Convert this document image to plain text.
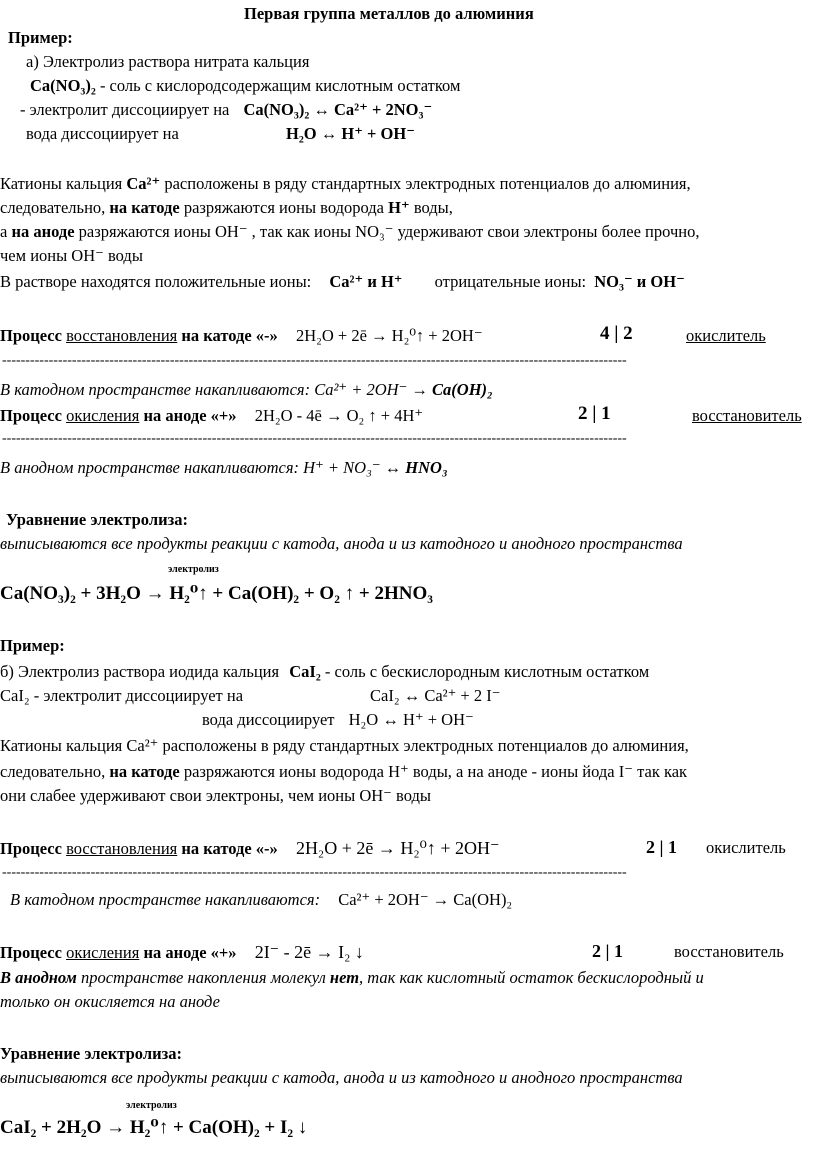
Первая группа металлов до алюминия
Пример:
а) Электролиз раствора нитрата кальция
Ca(NO₃)₂ - соль с кислородсодержащим кислотным остатком
- электролит диссоциирует на Ca(NO₃)₂ ↔ Ca²⁺ + 2NO₃⁻
вода диссоциирует на	H₂O ↔ H⁺ + OH⁻
Катионы кальция Ca²⁺ расположены в ряду стандартных электродных потенциалов до алюминия,
следовательно, на катоде разряжаются ионы водорода H⁺ воды,
а на аноде разряжаются ионы OH⁻ , так как ионы NO₃⁻ удерживают свои электроны более прочно,
чем ионы OH⁻ воды
В растворе находятся положительные ионы: Ca²⁺ и H⁺ отрицательные ионы: NO₃⁻ и OH⁻
Процесс восстановления на катоде «-» 2H₂O + 2ē → H₂⁰↑ + 2OH⁻	4 | 2	окислитель
--------------------------------------------------------------------------------------------------------------------------------------
В катодном пространстве накапливаются: Ca²⁺ + 2OH⁻ → Ca(OH)₂
Процесс окисления на аноде «+» 2H₂O - 4ē → O₂ ↑ + 4H⁺	2 | 1	восстановитель
--------------------------------------------------------------------------------------------------------------------------------------
В анодном пространстве накапливаются: H⁺ + NO₃⁻ ↔ HNO₃
Уравнение электролиза:
выписываются все продукты реакции с катода, анода и из катодного и анодного пространства
электролиз
Ca(NO₃)₂ + 3H₂O → H₂⁰↑ + Ca(OH)₂ + O₂ ↑ + 2HNO₃
Пример:
б) Электролиз раствора иодида кальция CaI₂ - соль с бескислородным кислотным остатком
CaI₂ - электролит диссоциирует на	CaI₂ ↔ Ca²⁺ + 2 I⁻
вода диссоциирует H₂O ↔ H⁺ + OH⁻
Катионы кальция Ca²⁺ расположены в ряду стандартных электродных потенциалов до алюминия,
следовательно, на катоде разряжаются ионы водорода H⁺ воды, а на аноде - ионы йода I⁻ так как
они слабее удерживают свои электроны, чем ионы OH⁻ воды
Процесс восстановления на катоде «-» 2H₂O + 2ē → H₂⁰↑ + 2OH⁻	2 | 1 окислитель
--------------------------------------------------------------------------------------------------------------------------------------
В катодном пространстве накапливаются: Ca²⁺ + 2OH⁻ → Ca(OH)₂
Процесс окисления на аноде «+» 2I⁻ - 2ē → I₂ ↓	2 | 1	восстановитель
В анодном пространстве накопления молекул нет, так как кислотный остаток бескислородный и
только он окисляется на аноде
Уравнение электролиза:
выписываются все продукты реакции с катода, анода и из катодного и анодного пространства
электролиз
CaI₂ + 2H₂O → H₂⁰↑ + Ca(OH)₂ + I₂ ↓
